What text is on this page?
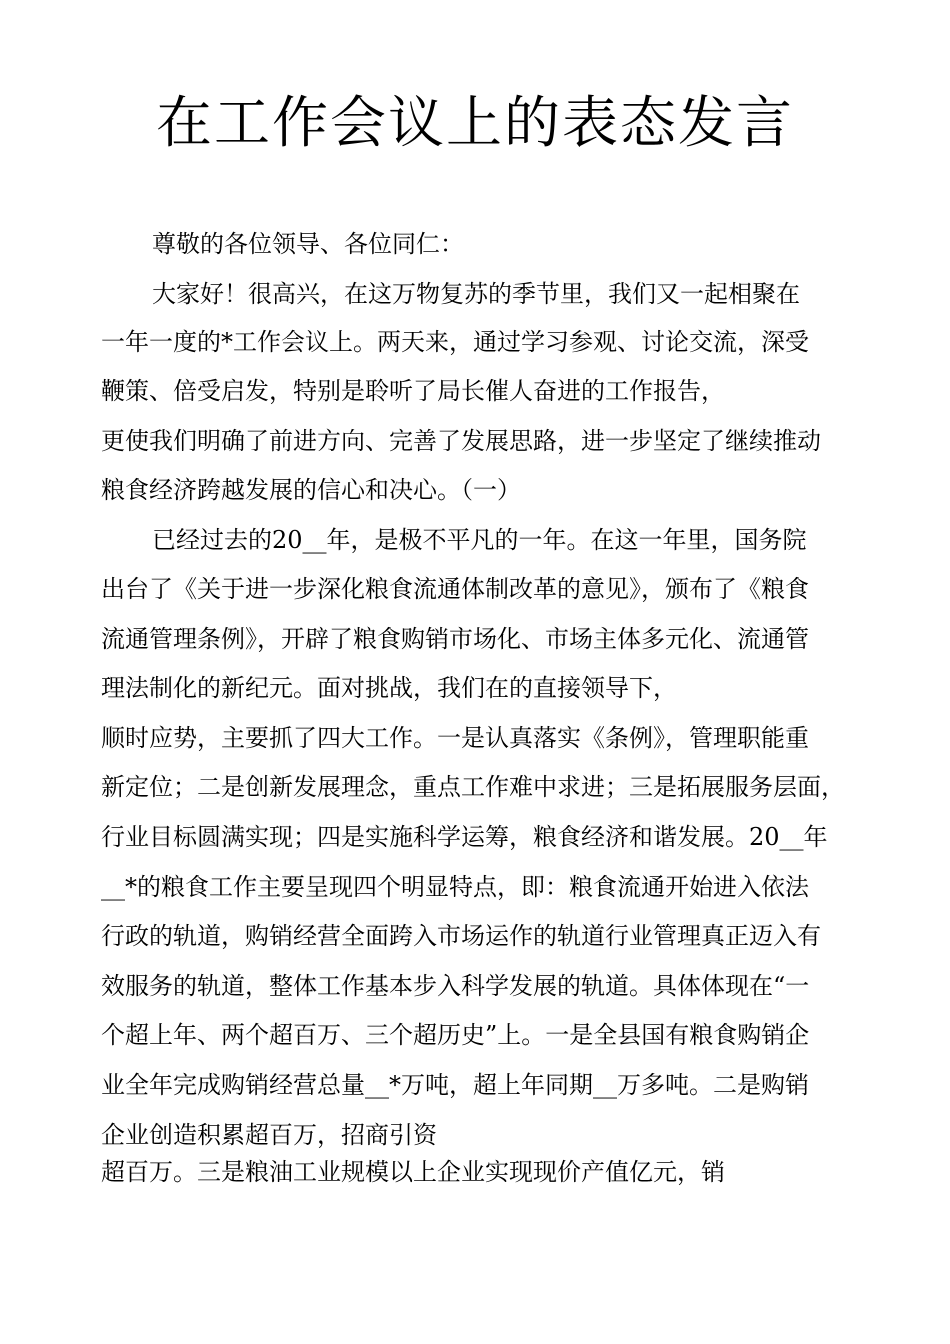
在工作会议上的表态发言
尊敬的各位领导、各位同仁：
大家好！很高兴，在这万物复苏的季节里，我们又一起相聚在
一年一度的*工作会议上。两天来，通过学习参观、讨论交流，深受
鞭策、倍受启发，特别是聆听了局长催人奋进的工作报告，
更使我们明确了前进方向、完善了发展思路，进一步坚定了继续推动
粮食经济跨越发展的信心和决心。（一）
已经过去的20__年，是极不平凡的一年。在这一年里，国务院
出台了《关于进一步深化粮食流通体制改革的意见》，颁布了《粮食
流通管理条例》，开辟了粮食购销市场化、市场主体多元化、流通管
理法制化的新纪元。面对挑战，我们在的直接领导下，
顺时应势，主要抓了四大工作。一是认真落实《条例》，管理职能重
新定位；二是创新发展理念，重点工作难中求进；三是拓展服务层面，
行业目标圆满实现；四是实施科学运筹，粮食经济和谐发展。20__年
__*的粮食工作主要呈现四个明显特点，即：粮食流通开始进入依法
行政的轨道，购销经营全面跨入市场运作的轨道行业管理真正迈入有
效服务的轨道，整体工作基本步入科学发展的轨道。具体体现在“一
个超上年、两个超百万、三个超历史”上。一是全县国有粮食购销企
业全年完成购销经营总量__*万吨，超上年同期__万多吨。二是购销
企业创造积累超百万，招商引资
超百万。三是粮油工业规模以上企业实现现价产值亿元，销
